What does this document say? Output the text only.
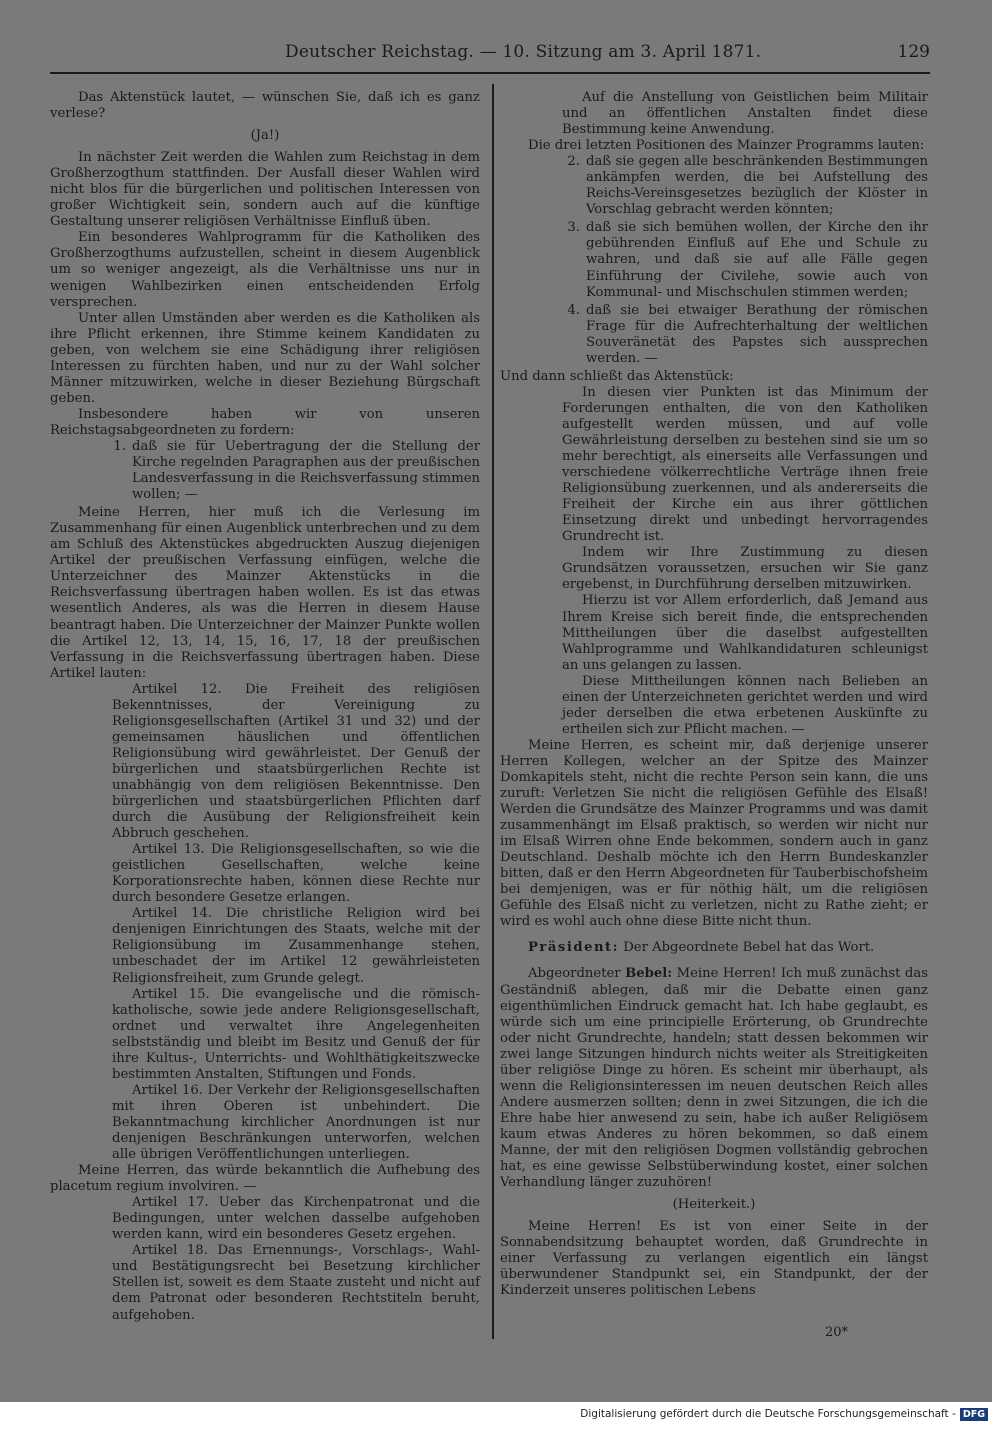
Deutscher Reichstag. — 10. Sitzung am 3. April 1871.	129

Das Aktenstück lautet, — wünschen Sie, daß ich es ganz verlese?

(Ja!)

In nächster Zeit werden die Wahlen zum Reichstag in dem Großherzogthum stattfinden. Der Ausfall dieser Wahlen wird nicht blos für die bürgerlichen und politischen Interessen von großer Wichtigkeit sein, sondern auch auf die künftige Gestaltung unserer religiösen Verhältnisse Einfluß üben.

Ein besonderes Wahlprogramm für die Katholiken des Großherzogthums aufzustellen, scheint in diesem Augenblick um so weniger angezeigt, als die Verhältnisse uns nur in wenigen Wahlbezirken einen entscheidenden Erfolg versprechen.

Unter allen Umständen aber werden es die Katholiken als ihre Pflicht erkennen, ihre Stimme keinem Kandidaten zu geben, von welchem sie eine Schädigung ihrer religiösen Interessen zu fürchten haben, und nur zu der Wahl solcher Männer mitzuwirken, welche in dieser Beziehung Bürgschaft geben.

Insbesondere haben wir von unseren Reichstagsabgeordneten zu fordern:

1. daß sie für Uebertragung der die Stellung der Kirche regelnden Paragraphen aus der preußischen Landesverfassung in die Reichsverfassung stimmen wollen; —

Meine Herren, hier muß ich die Verlesung im Zusammenhang für einen Augenblick unterbrechen und zu dem am Schluß des Aktenstückes abgedruckten Auszug diejenigen Artikel der preußischen Verfassung einfügen, welche die Unterzeichner des Mainzer Aktenstücks in die Reichsverfassung übertragen haben wollen. Es ist das etwas wesentlich Anderes, als was die Herren in diesem Hause beantragt haben. Die Unterzeichner der Mainzer Punkte wollen die Artikel 12, 13, 14, 15, 16, 17, 18 der preußischen Verfassung in die Reichsverfassung übertragen haben. Diese Artikel lauten:

Artikel 12. Die Freiheit des religiösen Bekenntnisses, der Vereinigung zu Religionsgesellschaften (Artikel 31 und 32) und der gemeinsamen häuslichen und öffentlichen Religionsübung wird gewährleistet. Der Genuß der bürgerlichen und staatsbürgerlichen Rechte ist unabhängig von dem religiösen Bekenntnisse. Den bürgerlichen und staatsbürgerlichen Pflichten darf durch die Ausübung der Religionsfreiheit kein Abbruch geschehen.

Artikel 13. Die Religionsgesellschaften, so wie die geistlichen Gesellschaften, welche keine Korporationsrechte haben, können diese Rechte nur durch besondere Gesetze erlangen.

Artikel 14. Die christliche Religion wird bei denjenigen Einrichtungen des Staats, welche mit der Religionsübung im Zusammenhange stehen, unbeschadet der im Artikel 12 gewährleisteten Religionsfreiheit, zum Grunde gelegt.

Artikel 15. Die evangelische und die römisch-katholische, sowie jede andere Religionsgesellschaft, ordnet und verwaltet ihre Angelegenheiten selbstständig und bleibt im Besitz und Genuß der für ihre Kultus-, Unterrichts- und Wohlthätigkeitszwecke bestimmten Anstalten, Stiftungen und Fonds.

Artikel 16. Der Verkehr der Religionsgesellschaften mit ihren Oberen ist unbehindert. Die Bekanntmachung kirchlicher Anordnungen ist nur denjenigen Beschränkungen unterworfen, welchen alle übrigen Veröffentlichungen unterliegen.

Meine Herren, das würde bekanntlich die Aufhebung des placetum regium involviren. —

Artikel 17. Ueber das Kirchenpatronat und die Bedingungen, unter welchen dasselbe aufgehoben werden kann, wird ein besonderes Gesetz ergehen.

Artikel 18. Das Ernennungs-, Vorschlags-, Wahl- und Bestätigungsrecht bei Besetzung kirchlicher Stellen ist, soweit es dem Staate zusteht und nicht auf dem Patronat oder besonderen Rechtstiteln beruht, aufgehoben.

Auf die Anstellung von Geistlichen beim Militair und an öffentlichen Anstalten findet diese Bestimmung keine Anwendung.

Die drei letzten Positionen des Mainzer Programms lauten:

2. daß sie gegen alle beschränkenden Bestimmungen ankämpfen werden, die bei Aufstellung des Reichs-Vereinsgesetzes bezüglich der Klöster in Vorschlag gebracht werden könnten;
3. daß sie sich bemühen wollen, der Kirche den ihr gebührenden Einfluß auf Ehe und Schule zu wahren, und daß sie auf alle Fälle gegen Einführung der Civilehe, sowie auch von Kommunal- und Mischschulen stimmen werden;
4. daß sie bei etwaiger Berathung der römischen Frage für die Aufrechterhaltung der weltlichen Souveränetät des Papstes sich aussprechen werden. —

Und dann schließt das Aktenstück:

In diesen vier Punkten ist das Minimum der Forderungen enthalten, die von den Katholiken aufgestellt werden müssen, und auf volle Gewährleistung derselben zu bestehen sind sie um so mehr berechtigt, als einerseits alle Verfassungen und verschiedene völkerrechtliche Verträge ihnen freie Religionsübung zuerkennen, und als andererseits die Freiheit der Kirche ein aus ihrer göttlichen Einsetzung direkt und unbedingt hervorragendes Grundrecht ist.

Indem wir Ihre Zustimmung zu diesen Grundsätzen voraussetzen, ersuchen wir Sie ganz ergebenst, in Durchführung derselben mitzuwirken.

Hierzu ist vor Allem erforderlich, daß Jemand aus Ihrem Kreise sich bereit finde, die entsprechenden Mittheilungen über die daselbst aufgestellten Wahlprogramme und Wahlkandidaturen schleunigst an uns gelangen zu lassen.

Diese Mittheilungen können nach Belieben an einen der Unterzeichneten gerichtet werden und wird jeder derselben die etwa erbetenen Auskünfte zu ertheilen sich zur Pflicht machen. —

Meine Herren, es scheint mir, daß derjenige unserer Herren Kollegen, welcher an der Spitze des Mainzer Domkapitels steht, nicht die rechte Person sein kann, die uns zuruft: Verletzen Sie nicht die religiösen Gefühle des Elsaß! Werden die Grundsätze des Mainzer Programms und was damit zusammenhängt im Elsaß praktisch, so werden wir nicht nur im Elsaß Wirren ohne Ende bekommen, sondern auch in ganz Deutschland. Deshalb möchte ich den Herrn Bundeskanzler bitten, daß er den Herrn Abgeordneten für Tauberbischofsheim bei demjenigen, was er für nöthig hält, um die religiösen Gefühle des Elsaß nicht zu verletzen, nicht zu Rathe zieht; er wird es wohl auch ohne diese Bitte nicht thun.

Präsident: Der Abgeordnete Bebel hat das Wort.

Abgeordneter Bebel: Meine Herren! Ich muß zunächst das Geständniß ablegen, daß mir die Debatte einen ganz eigenthümlichen Eindruck gemacht hat. Ich habe geglaubt, es würde sich um eine principielle Erörterung, ob Grundrechte oder nicht Grundrechte, handeln; statt dessen bekommen wir zwei lange Sitzungen hindurch nichts weiter als Streitigkeiten über religiöse Dinge zu hören. Es scheint mir überhaupt, als wenn die Religionsinteressen im neuen deutschen Reich alles Andere ausmerzen sollten; denn in zwei Sitzungen, die ich die Ehre habe hier anwesend zu sein, habe ich außer Religiösem kaum etwas Anderes zu hören bekommen, so daß einem Manne, der mit den religiösen Dogmen vollständig gebrochen hat, es eine gewisse Selbstüberwindung kostet, einer solchen Verhandlung länger zuzuhören!

(Heiterkeit.)

Meine Herren! Es ist von einer Seite in der Sonnabendsitzung behauptet worden, daß Grundrechte in einer Verfassung zu verlangen eigentlich ein längst überwundener Standpunkt sei, ein Standpunkt, der der Kinderzeit unseres politischen Lebens

20*
Digitalisierung gefördert durch die Deutsche Forschungsgemeinschaft - DFG
